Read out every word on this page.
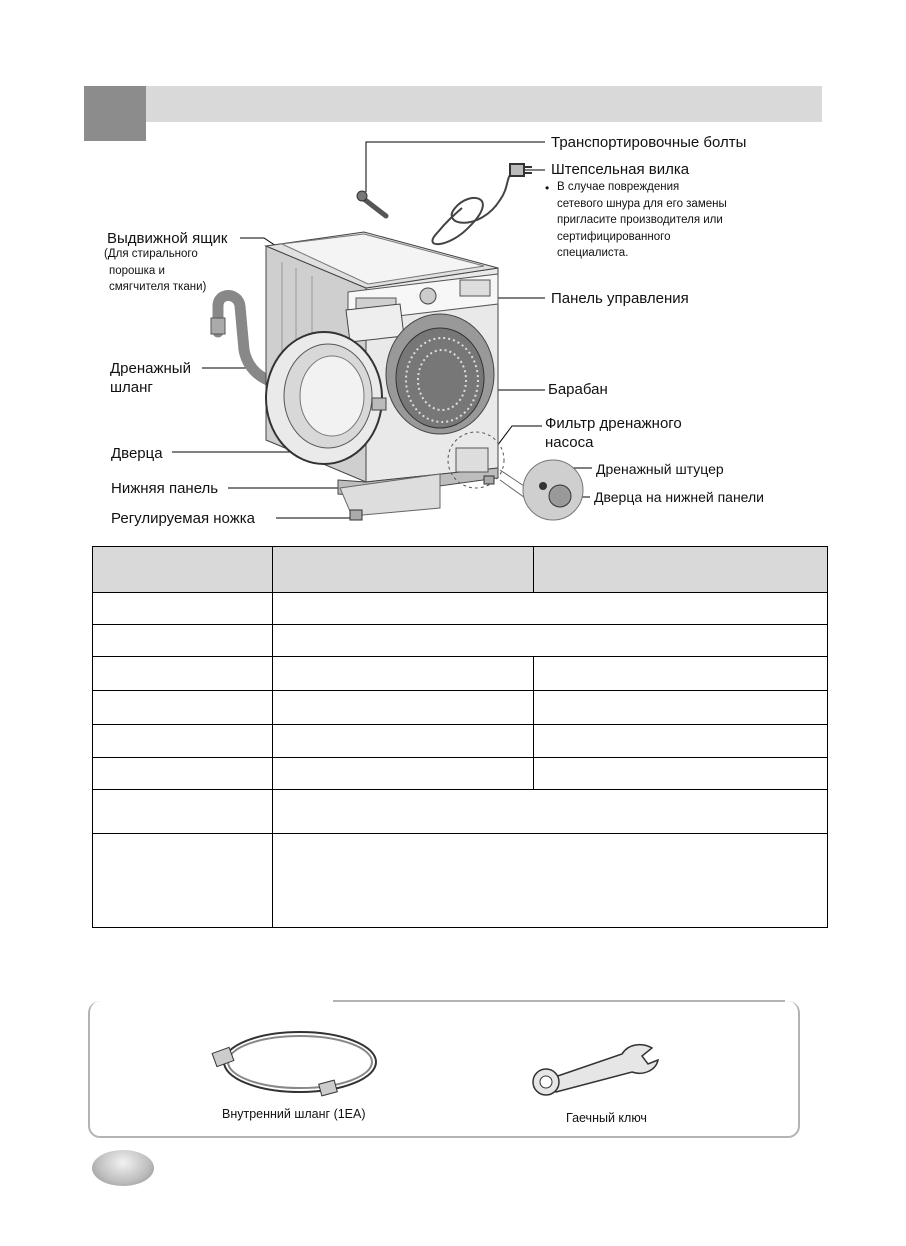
Транспортировочные болты
Штепсельная вилка
• В случае повреждения
сетевого шнура для его замены
пригласите производителя или
сертифицированного
специалиста.
Выдвижной ящик
(Для стирального
порошка и
смягчителя ткани)
Панель управления
Дренажный
шланг	Барабан
Фильтр дренажного
насоса
Дверца
Дренажный штуцер
Нижняя панель	Дверца на нижней панели
Регулируемая ножка

Внутренний шланг (1EA)	Гаечный ключ
